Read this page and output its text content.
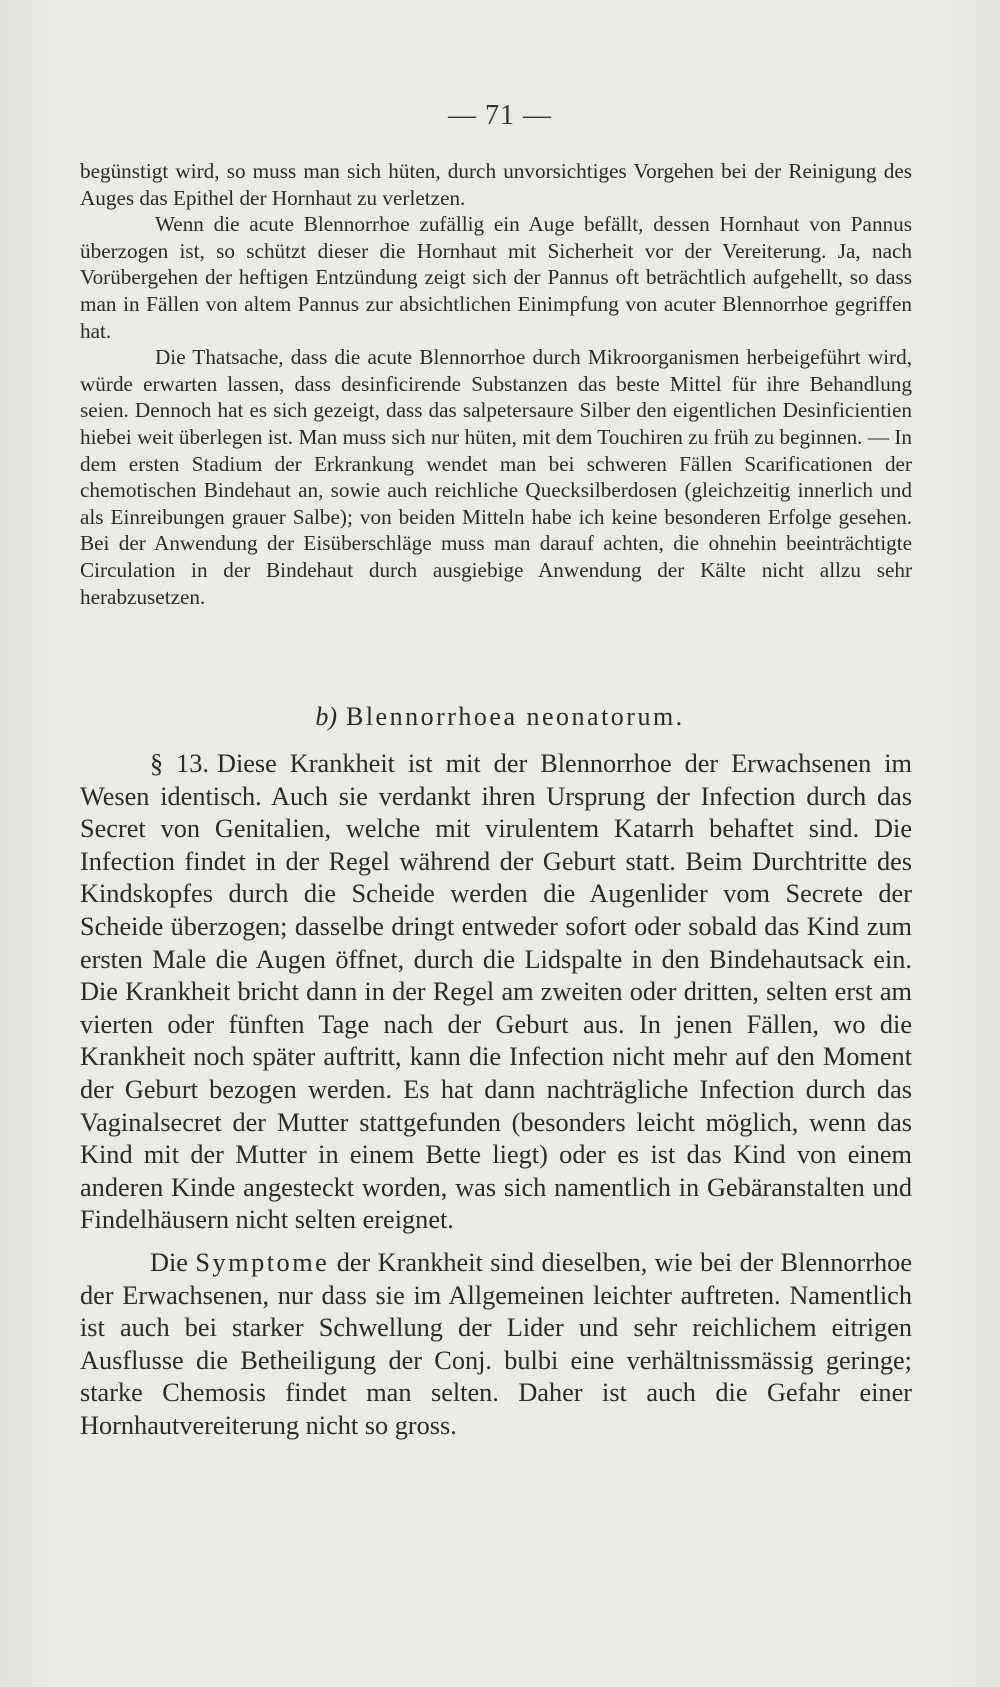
— 71 —

begünstigt wird, so muss man sich hüten, durch unvorsichtiges Vorgehen bei der Reinigung des Auges das Epithel der Hornhaut zu verletzen.

Wenn die acute Blennorrhoe zufällig ein Auge befällt, dessen Hornhaut von Pannus überzogen ist, so schützt dieser die Hornhaut mit Sicherheit vor der Vereiterung. Ja, nach Vorübergehen der heftigen Entzündung zeigt sich der Pannus oft beträchtlich aufgehellt, so dass man in Fällen von altem Pannus zur absichtlichen Einimpfung von acuter Blennorrhoe gegriffen hat.

Die Thatsache, dass die acute Blennorrhoe durch Mikroorganismen herbeigeführt wird, würde erwarten lassen, dass desinficirende Substanzen das beste Mittel für ihre Behandlung seien. Dennoch hat es sich gezeigt, dass das salpetersaure Silber den eigentlichen Desinficientien hiebei weit überlegen ist. Man muss sich nur hüten, mit dem Touchiren zu früh zu beginnen. — In dem ersten Stadium der Erkrankung wendet man bei schweren Fällen Scarificationen der chemotischen Bindehaut an, sowie auch reichliche Quecksilberdosen (gleichzeitig innerlich und als Einreibungen grauer Salbe); von beiden Mitteln habe ich keine besonderen Erfolge gesehen. Bei der Anwendung der Eisüberschläge muss man darauf achten, die ohnehin beeinträchtigte Circulation in der Bindehaut durch ausgiebige Anwendung der Kälte nicht allzu sehr herabzusetzen.

b) Blennorrhoea neonatorum.

§ 13. Diese Krankheit ist mit der Blennorrhoe der Erwachsenen im Wesen identisch. Auch sie verdankt ihren Ursprung der Infection durch das Secret von Genitalien, welche mit virulentem Katarrh behaftet sind. Die Infection findet in der Regel während der Geburt statt. Beim Durchtritte des Kindskopfes durch die Scheide werden die Augenlider vom Secrete der Scheide überzogen; dasselbe dringt entweder sofort oder sobald das Kind zum ersten Male die Augen öffnet, durch die Lidspalte in den Bindehautsack ein. Die Krankheit bricht dann in der Regel am zweiten oder dritten, selten erst am vierten oder fünften Tage nach der Geburt aus. In jenen Fällen, wo die Krankheit noch später auftritt, kann die Infection nicht mehr auf den Moment der Geburt bezogen werden. Es hat dann nachträgliche Infection durch das Vaginalsecret der Mutter stattgefunden (besonders leicht möglich, wenn das Kind mit der Mutter in einem Bette liegt) oder es ist das Kind von einem anderen Kinde angesteckt worden, was sich namentlich in Gebäranstalten und Findelhäusern nicht selten ereignet.

Die Symptome der Krankheit sind dieselben, wie bei der Blennorrhoe der Erwachsenen, nur dass sie im Allgemeinen leichter auftreten. Namentlich ist auch bei starker Schwellung der Lider und sehr reichlichem eitrigen Ausflusse die Betheiligung der Conj. bulbi eine verhältnissmässig geringe; starke Chemosis findet man selten. Daher ist auch die Gefahr einer Hornhautvereiterung nicht so gross.
